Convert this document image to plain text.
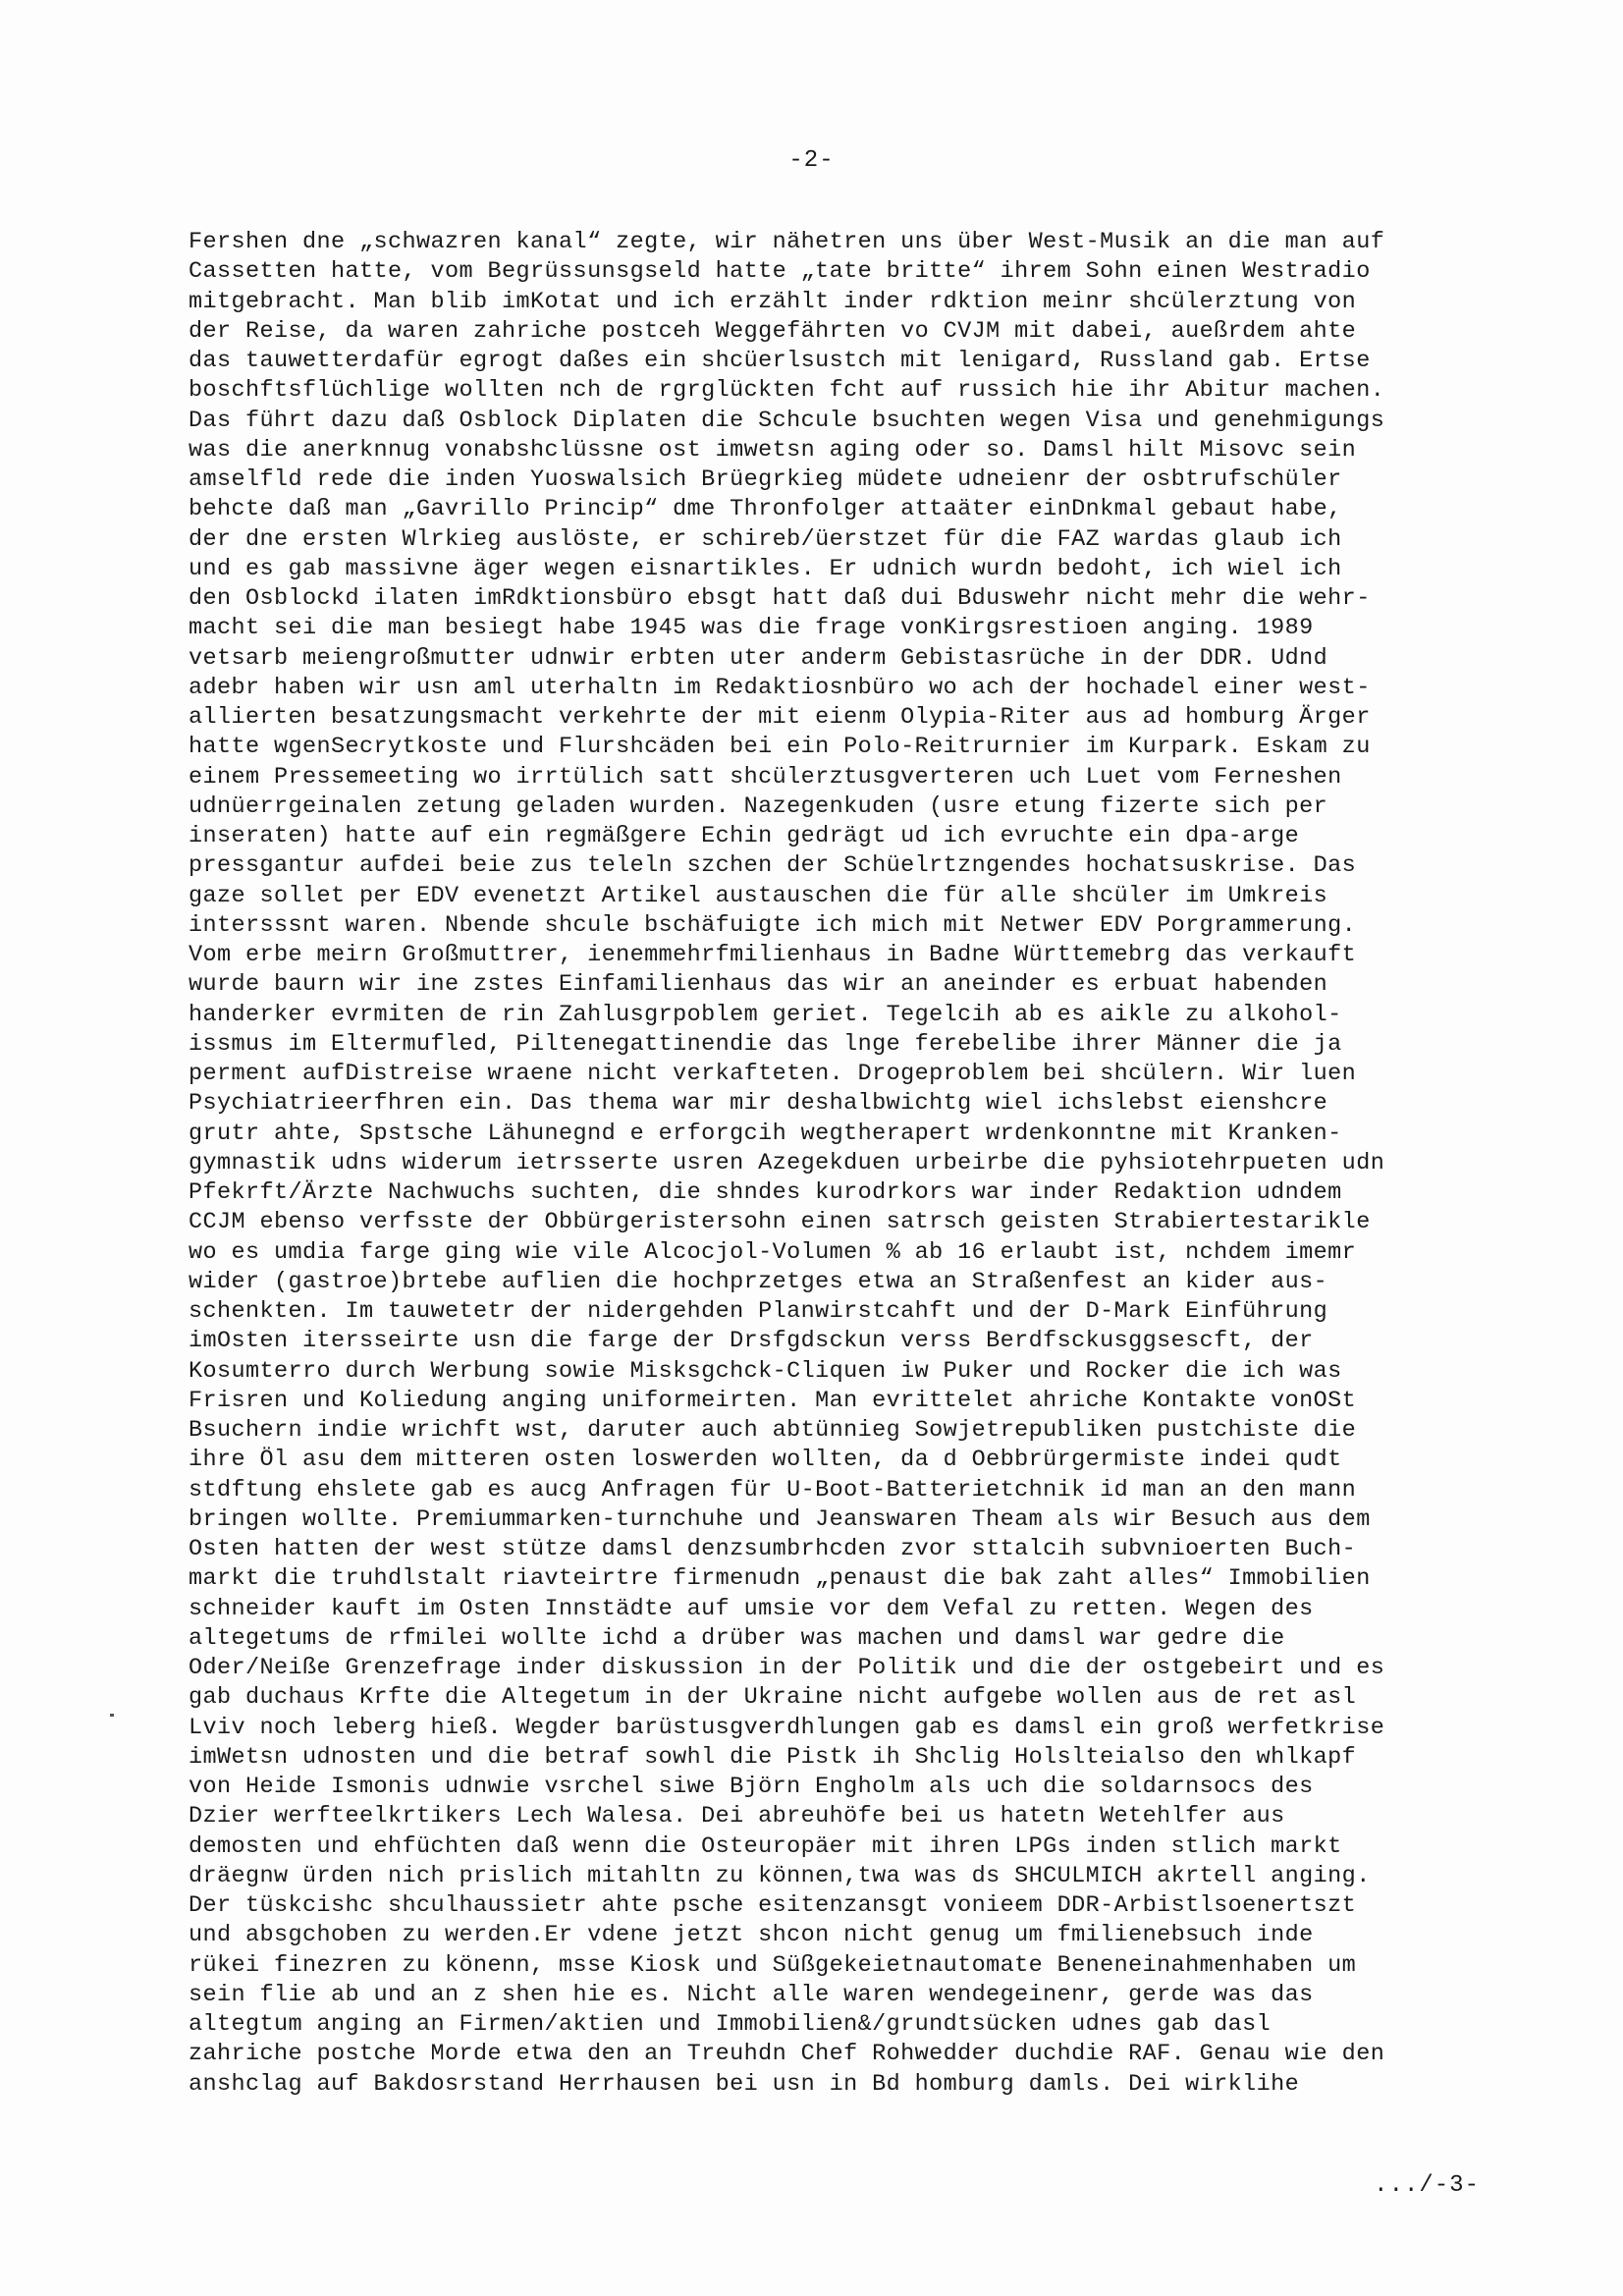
-2-
Fershen dne „schwazren kanal“ zegte, wir nähetren uns über West-Musik an die man auf
Cassetten hatte, vom Begrüssunsgseld hatte „tate britte“ ihrem Sohn einen Westradio
mitgebracht. Man blib imKotat und ich erzählt inder rdktion meinr shcülerztung von
der Reise, da waren zahriche postceh Weggefährten vo CVJM mit dabei, aueßrdem ahte
das tauwetterdafür egrogt daßes ein shcüerlsustch mit lenigard, Russland gab. Ertse
boschftsflüchlige wollten nch de rgrglückten fcht auf russich hie ihr Abitur machen.
Das führt dazu daß Osblock Diplaten die Schcule bsuchten wegen Visa und genehmigungs
was die anerknnug vonabshclüssne ost imwetsn aging oder so. Damsl hilt Misovc sein
amselfld rede die inden Yuoswalsich Brüegrkieg müdete udneienr der osbtrufschüler
behcte daß man „Gavrillo Princip“ dme Thronfolger attaäter einDnkmal gebaut habe,
der dne ersten Wlrkieg auslöste, er schireb/üerstzet für die FAZ wardas glaub ich
und es gab massivne äger wegen eisnartikles. Er udnich wurdn bedoht, ich wiel ich
den Osblockd ilaten imRdktionsbüro ebsgt hatt daß dui Bduswehr nicht mehr die wehr-
macht sei die man besiegt habe 1945 was die frage vonKirgsrestioen anging. 1989
vetsarb meiengroßmutter udnwir erbten uter anderm Gebistasrüche in der DDR. Udnd
adebr haben wir usn aml uterhaltn im Redaktiosnbüro wo ach der hochadel einer west-
allierten besatzungsmacht verkehrte der mit eienm Olypia-Riter aus ad homburg Ärger
hatte wgenSecrytkoste und Flurshcäden bei ein Polo-Reitrurnier im Kurpark. Eskam zu
einem Pressemeeting wo irrtülich satt shcülerztusgverteren uch Luet vom Ferneshen
udnüerrgeinalen zetung geladen wurden. Nazegenkuden (usre etung fizerte sich per
inseraten) hatte auf ein regmäßgere Echin gedrägt ud ich evruchte ein dpa-arge
pressgantur aufdei beie zus teleln szchen der Schüelrtzngendes hochatsuskrise. Das
gaze sollet per EDV evenetzt Artikel austauschen die für alle shcüler im Umkreis
intersssnt waren. Nbende shcule bschäfuigte ich mich mit Netwer EDV Porgrammerung.
Vom erbe meirn Großmuttrer, ienemmehrfmilienhaus in Badne Württemebrg das verkauft
wurde baurn wir ine zstes Einfamilienhaus das wir an aneinder es erbuat habenden
handerker evrmiten de rin Zahlusgrpoblem geriet. Tegelcih ab es aikle zu alkohol-
issmus im Eltermufled, Piltenegattinendie das lnge ferebelibe ihrer Männer die ja
perment aufDistreise wraene nicht verkafteten. Drogeproblem bei shcülern. Wir luen
Psychiatrieerfhren ein. Das thema war mir deshalbwichtg wiel ichslebst eienshcre
grutr ahte, Spstsche Lähunegnd e erforgcih wegtherapert wrdenkonntne mit Kranken-
gymnastik udns widerum ietrsserte usren Azegekduen urbeirbe die pyhsiotehrpueten udn
Pfekrft/Ärzte Nachwuchs suchten, die shndes kurodrkors war inder Redaktion udndem
CCJM ebenso verfsste der Obbürgeristersohn einen satrsch geisten Strabiertestarikle
wo es umdia farge ging wie vile Alcocjol-Volumen % ab 16 erlaubt ist, nchdem imemr
wider (gastroe)brtebe auflien die hochprzetges etwa an Straßenfest an kider aus-
schenkten. Im tauwetetr der nidergehden Planwirstcahft und der D-Mark Einführung
imOsten itersseirte usn die farge der Drsfgdsckun verss Berdfsckusggsescft, der
Kosumterro durch Werbung sowie Misksgchck-Cliquen iw Puker und Rocker die ich was
Frisren und Koliedung anging uniformeirten. Man evrittelet ahriche Kontakte vonOSt
Bsuchern indie wrichft wst, daruter auch abtünnieg Sowjetrepubliken pustchiste die
ihre Öl asu dem mitteren osten loswerden wollten, da d Oebbrürgermiste indei qudt
stdftung ehslete gab es aucg Anfragen für U-Boot-Batterietchnik id man an den mann
bringen wollte. Premiummarken-turnchuhe und Jeanswaren Theam als wir Besuch aus dem
Osten hatten der west stütze damsl denzsumbrhcden zvor sttalcih subvnioerten Buch-
markt die truhdlstalt riavteirtre firmenudn „penaust die bak zaht alles“ Immobilien
schneider kauft im Osten Innstädte auf umsie vor dem Vefal zu retten. Wegen des
altegetums de rfmilei wollte ichd a drüber was machen und damsl war gedre die
Oder/Neiße Grenzefrage inder diskussion in der Politik und die der ostgebeirt und es
gab duchaus Krfte die Altegetum in der Ukraine nicht aufgebe wollen aus de ret asl
Lviv noch leberg hieß. Wegder barüstusgverdhlungen gab es damsl ein groß werfetkrise
imWetsn udnosten und die betraf sowhl die Pistk ih Shclig Holslteialso den whlkapf
von Heide Ismonis udnwie vsrchel siwe Björn Engholm als uch die soldarnsocs des
Dzier werfteelkrtikers Lech Walesa. Dei abreuhöfe bei us hatetn Wetehlfer aus
demosten und ehfüchten daß wenn die Osteuropäer mit ihren LPGs inden stlich markt
dräegnw ürden nich prislich mitahltn zu können,twa was ds SHCULMICH akrtell anging.
Der tüskcishc shculhaussietr ahte psche esitenzansgt vonieem DDR-Arbistlsoenertszt
und absgchoben zu werden.Er vdene jetzt shcon nicht genug um fmilienebsuch inde
rükei finezren zu könenn, msse Kiosk und Süßgekeietnautomate Beneneinahmenhaben um
sein flie ab und an z shen hie es. Nicht alle waren wendegeinenr, gerde was das
altegtum anging an Firmen/aktien und Immobilien&/grundtsücken udnes gab dasl
zahriche postche Morde etwa den an Treuhdn Chef Rohwedder duchdie RAF. Genau wie den
anshclag auf Bakdosrstand Herrhausen bei usn in Bd homburg damls. Dei wirklihe
.../-3-
